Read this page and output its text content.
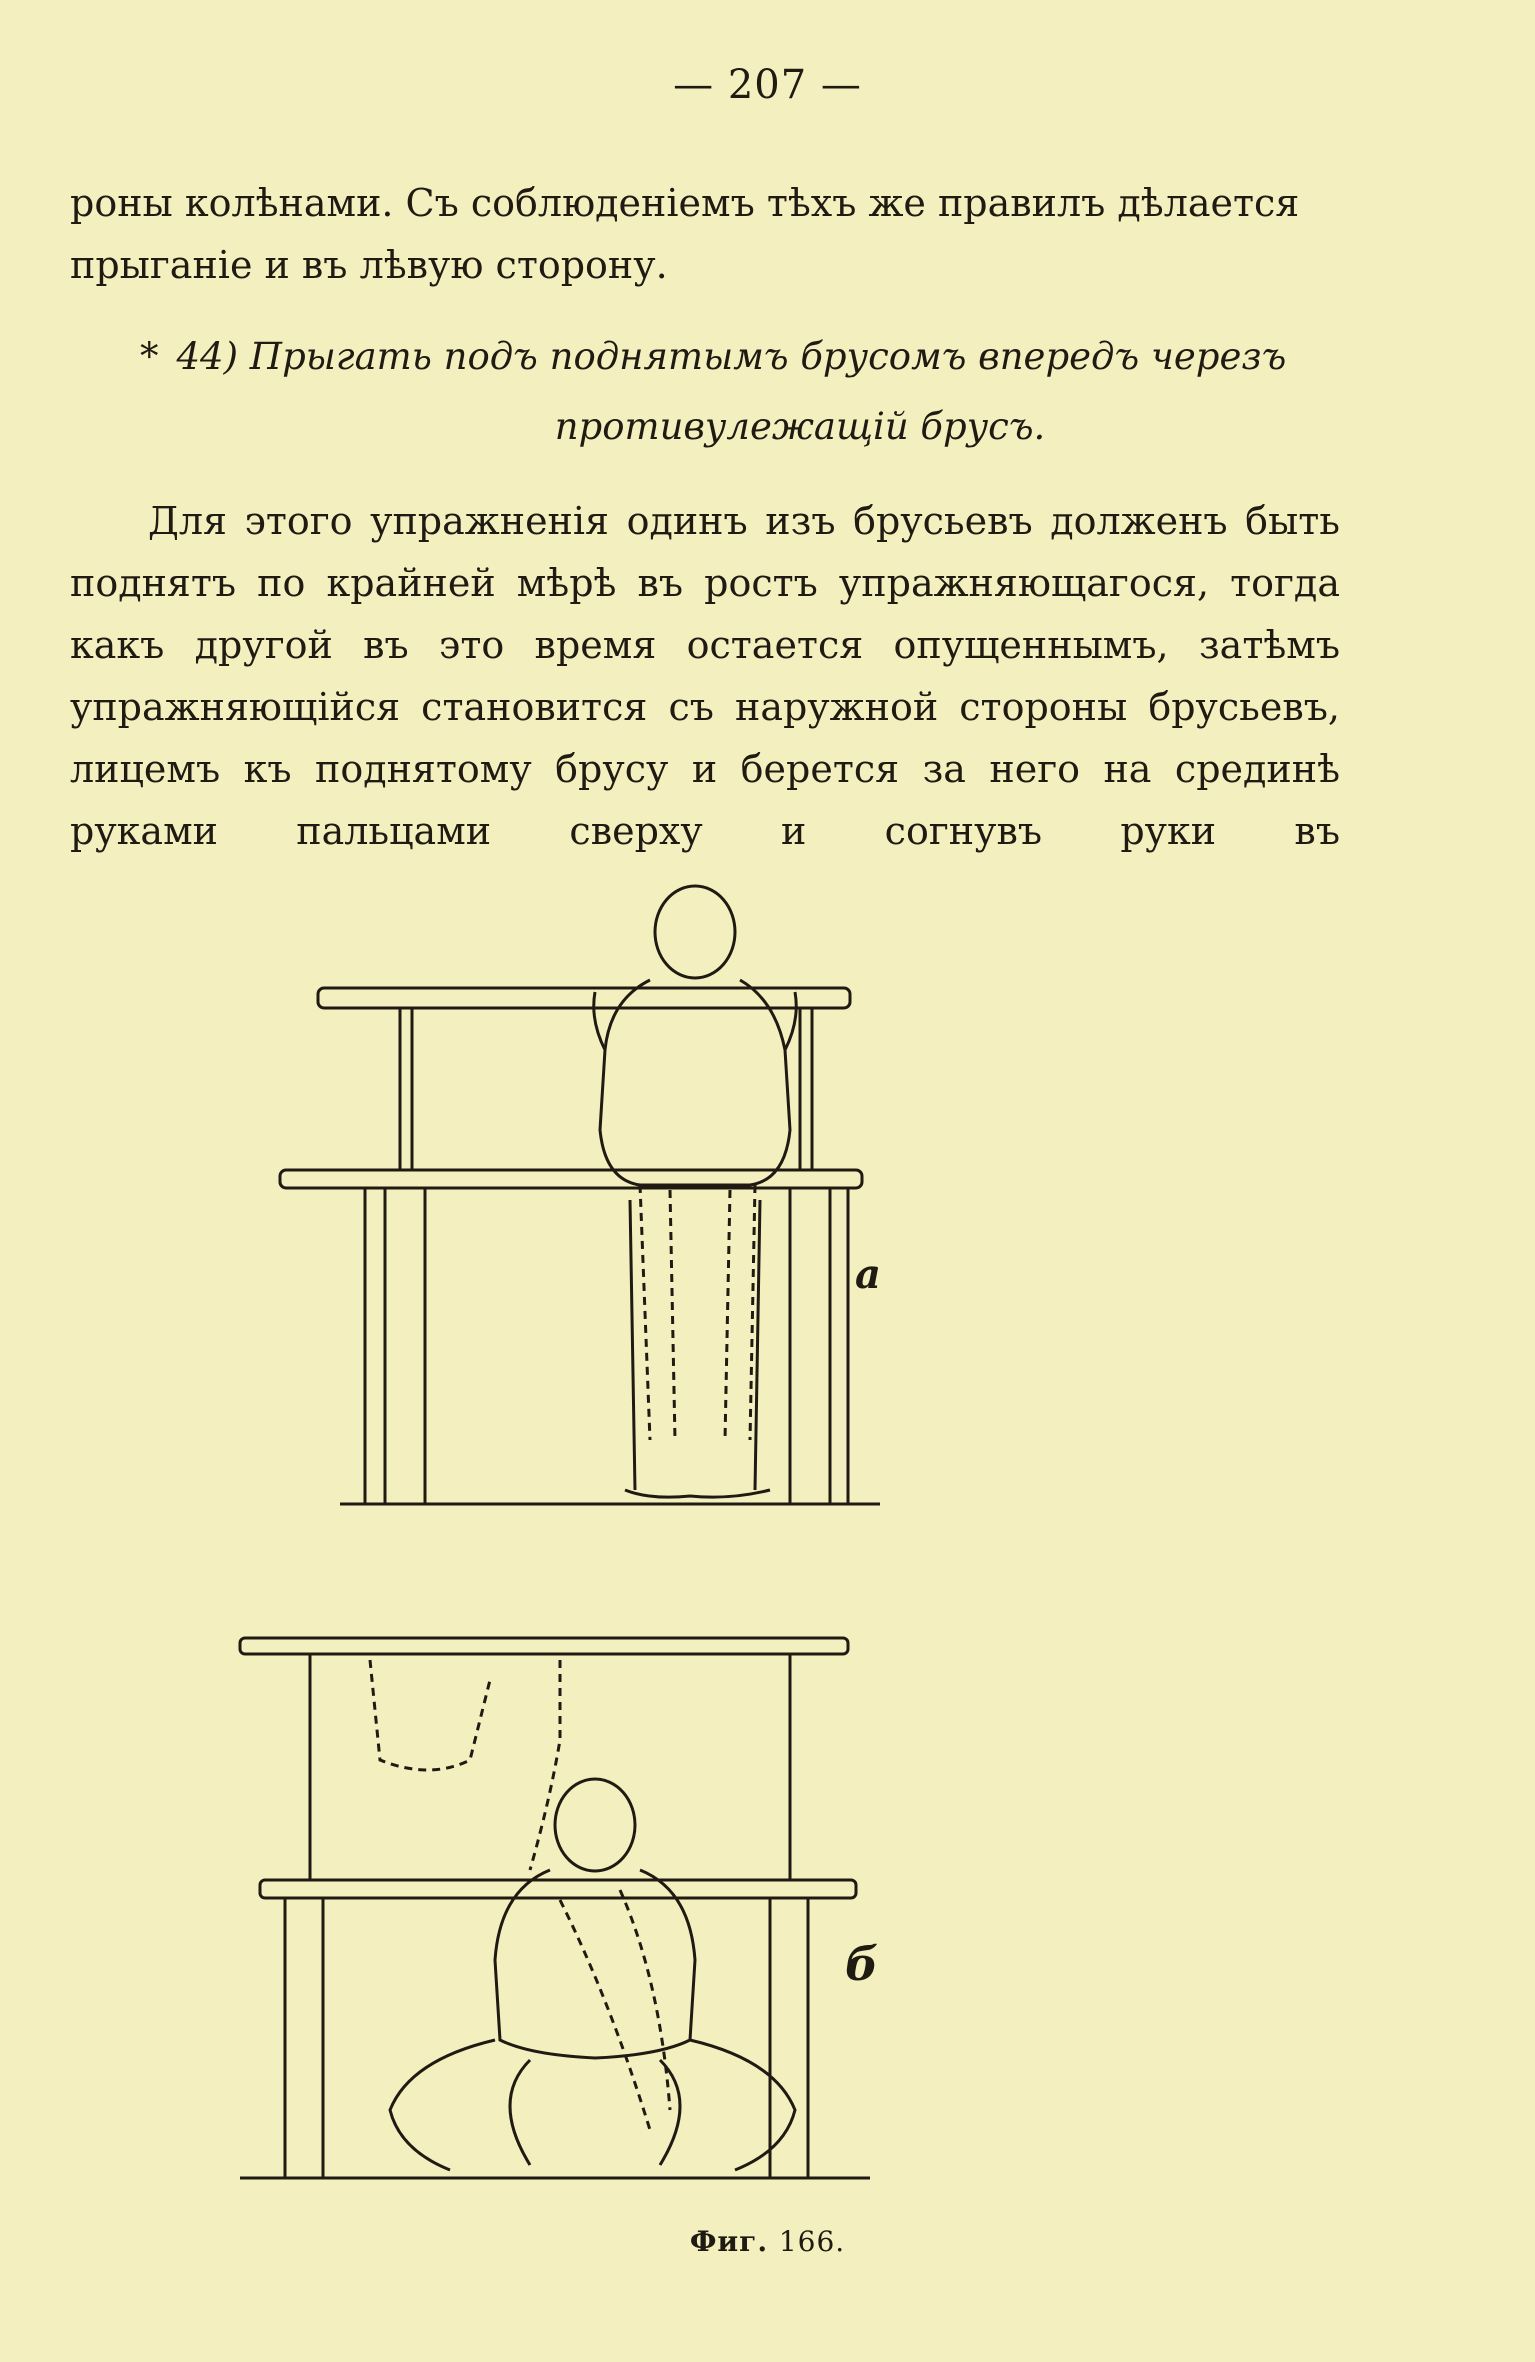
— 207 —

роны колѣнами. Съ соблюденіемъ тѣхъ же правилъ дѣлается прыганіе и въ лѣвую сторону.

* 44) Прыгать подъ поднятымъ брусомъ впередъ черезъ
противулежащій брусъ.

Для этого упражненія одинъ изъ брусьевъ долженъ быть поднятъ по крайней мѣрѣ въ ростъ упражняющагося, тогда какъ другой въ это время остается опущеннымъ, затѣмъ упражняющійся становится съ наружной стороны брусьевъ, лицемъ къ поднятому брусу и берется за него на срединѣ руками пальцами сверху и согнувъ руки въ

а
б
Фиг. 166.
